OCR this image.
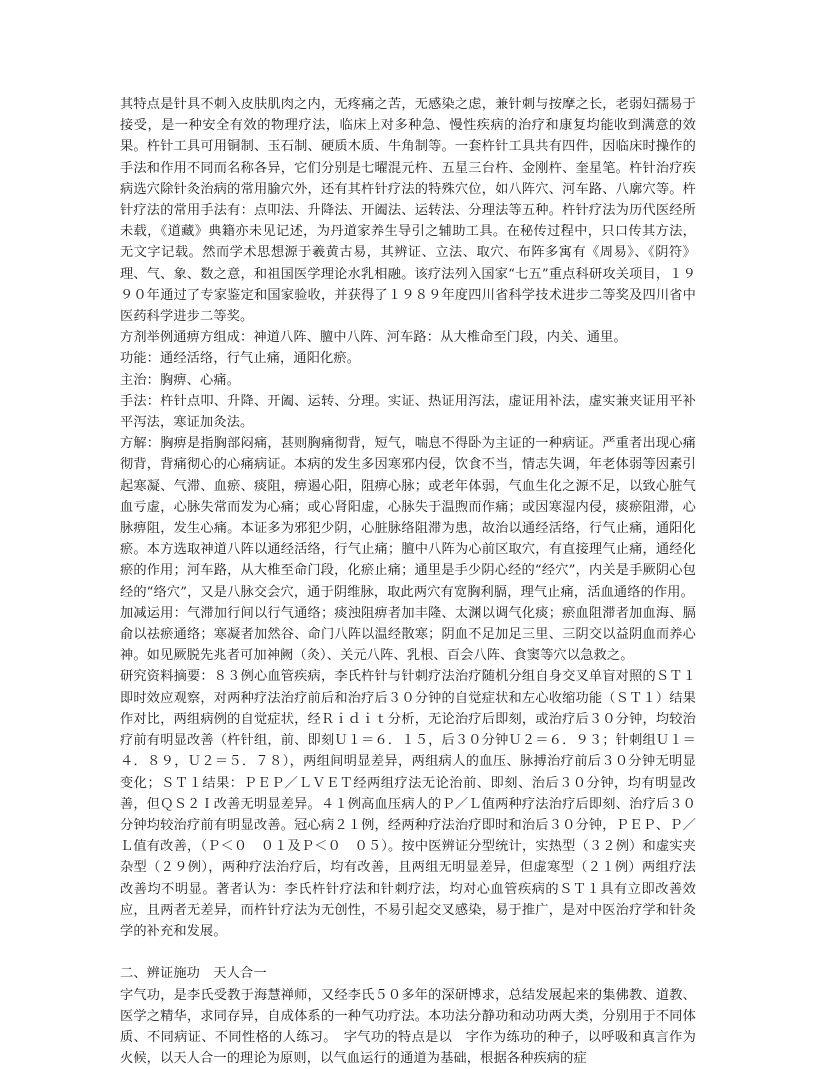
其特点是针具不刺入皮肤肌肉之内，无疼痛之苦，无感染之虑，兼针刺与按摩之长，老弱妇孺易于接受，是一种安全有效的物理疗法，临床上对多种急、慢性疾病的治疗和康复均能收到满意的效果。杵针工具可用铜制、玉石制、硬质木质、牛角制等。一套杵针工具共有四件，因临床时操作的手法和作用不同而名称各异，它们分别是七曜混元杵、五星三台杵、金刚杵、奎星笔。杵针治疗疾病选穴除针灸治病的常用腧穴外，还有其杵针疗法的特殊穴位，如八阵穴、河车路、八廓穴等。杵针疗法的常用手法有：点叩法、升降法、开阖法、运转法、分理法等五种。杵针疗法为历代医经所未载，《道藏》典籍亦未见记述，为丹道家养生导引之辅助工具。在秘传过程中，只口传其方法，无文字记载。然而学术思想源于羲黄古易，其辨证、立法、取穴、布阵多寓有《周易》、《阴符》理、气、象、数之意，和祖国医学理论水乳相融。该疗法列入国家“七五”重点科研攻关项目，１９９０年通过了专家鉴定和国家验收，并获得了１９８９年度四川省科学技术进步二等奖及四川省中医药科学进步二等奖。

方剂举例通痹方组成：神道八阵、膻中八阵、河车路：从大椎命至门段，内关、通里。

功能：通经活络，行气止痛，通阳化瘀。

主治：胸痹、心痛。

手法：杵针点叩、升降、开阖、运转、分理。实证、热证用泻法，虚证用补法，虚实兼夹证用平补平泻法，寒证加灸法。

方解：胸痹是指胸部闷痛，甚则胸痛彻背，短气，喘息不得卧为主证的一种病证。严重者出现心痛彻背，背痛彻心的心痛病证。本病的发生多因寒邪内侵，饮食不当，情志失调，年老体弱等因素引起寒凝、气滞、血瘀、痰阻，痹遏心阳，阻痹心脉；或老年体弱，气血生化之源不足，以致心脏气血亏虚，心脉失常而发为心痛；或心肾阳虚，心脉失于温煦而作痛；或因寒湿内侵，痰瘀阻滞，心脉痹阻，发生心痛。本证多为邪犯少阴，心脏脉络阻滞为患，故治以通经活络，行气止痛，通阳化瘀。本方选取神道八阵以通经活络，行气止痛；膻中八阵为心前区取穴，有直接理气止痛，通经化瘀的作用；河车路，从大椎至命门段，化瘀止痛；通里是手少阴心经的“经穴”，内关是手厥阴心包经的“络穴”，又是八脉交会穴，通于阴维脉，取此两穴有宽胸利膈，理气止痛，活血通络的作用。

加减运用：气滞加行间以行气通络；痰浊阻痹者加丰隆、太渊以调气化痰；瘀血阻滞者加血海、膈俞以祛瘀通络；寒凝者加然谷、命门八阵以温经散寒；阴血不足加足三里、三阴交以益阴血而养心神。如见厥脱先兆者可加神阙（灸）、关元八阵、乳根、百会八阵、食窦等穴以急救之。

研究资料摘要：８３例心血管疾病，李氏杵针与针刺疗法治疗随机分组自身交叉单盲对照的ＳＴ１即时效应观察，对两种疗法治疗前后和治疗后３０分钟的自觉症状和左心收缩功能（ＳＴ１）结果作对比，两组病例的自觉症状，经Ｒｉｄｉｔ分析，无论治疗后即刻，或治疗后３０分钟，均较治疗前有明显改善（杵针组，前、即刻Ｕ１＝６．１５，后３０分钟Ｕ２＝６．９３；针刺组Ｕ１＝４．８９，Ｕ２＝５．７８），两组间明显差异，两组病人的血压、脉搏治疗前后３０分钟无明显变化；ＳＴ１结果：ＰＥＰ／ＬＶＥＴ经两组疗法无论治前、即刻、治后３０分钟，均有明显改善，但ＱＳ２Ｉ改善无明显差异。４１例高血压病人的Ｐ／Ｌ值两种疗法治疗后即刻、治疗后３０分钟均较治疗前有明显改善。冠心病２１例，经两种疗法治疗即时和治后３０分钟，ＰＥＰ、Ｐ／Ｌ值有改善，（Ｐ＜０　０１及Ｐ＜０　０５）。按中医辨证分型统计，实热型（３２例）和虚实夹杂型（２９例），两种疗法治疗后，均有改善，且两组无明显差异，但虚寒型（２１例）两组疗法改善均不明显。著者认为：李氏杵针疗法和针刺疗法，均对心血管疾病的ＳＴ１具有立即改善效应，且两者无差异，而杵针疗法为无创性，不易引起交叉感染，易于推广，是对中医治疗学和针灸学的补充和发展。

二、辨证施功　天人合一

字气功，是李氏受教于海慧禅师，又经李氏５０多年的深研博求，总结发展起来的集佛教、道教、医学之精华，求同存异，自成体系的一种气功疗法。本功法分静功和动功两大类，分别用于不同体质、不同病证、不同性格的人练习。　字气功的特点是以　字作为练功的种子，以呼吸和真言作为火候，以天人合一的理论为原则，以气血运行的通道为基础，根据各种疾病的症
